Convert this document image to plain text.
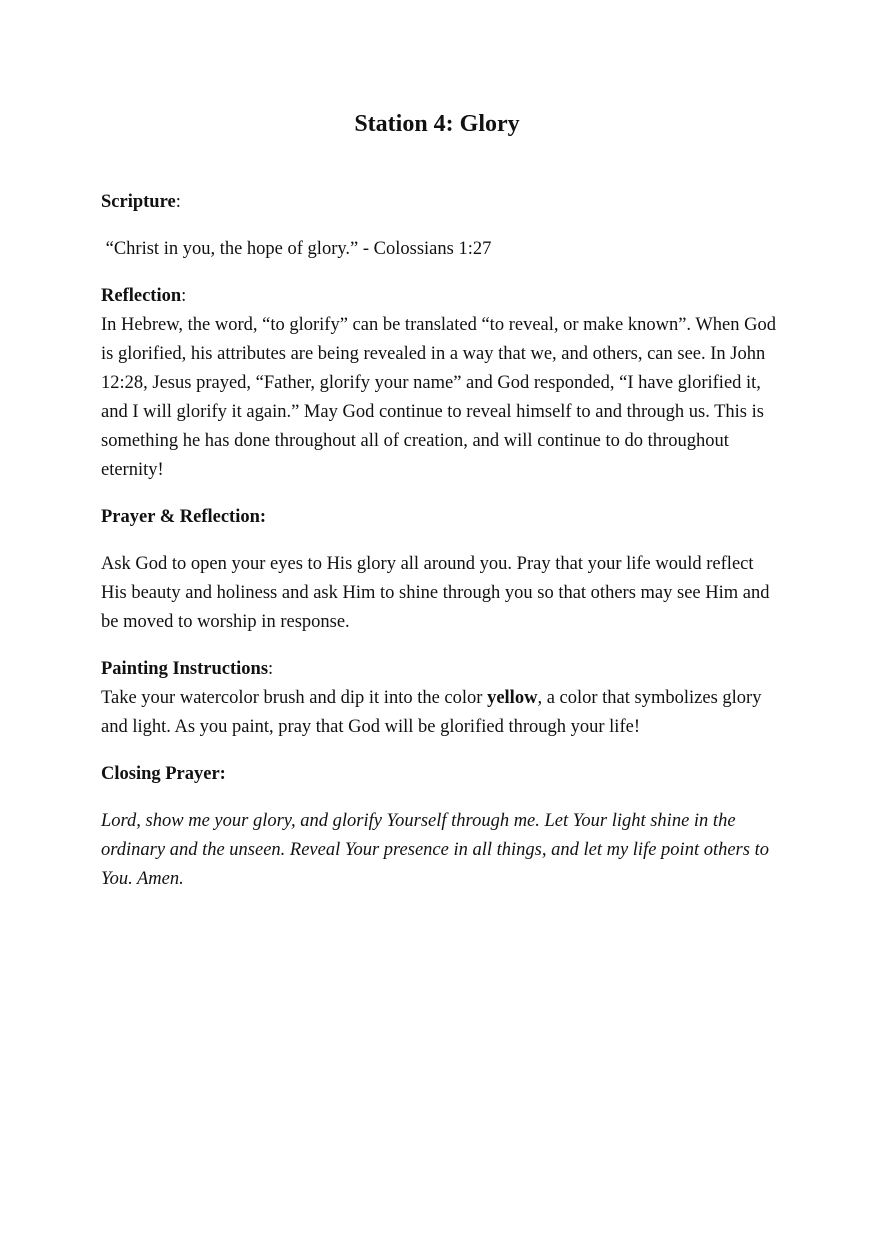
Station 4: Glory

Scripture:

“Christ in you, the hope of glory.” - Colossians 1:27

Reflection:

In Hebrew, the word, “to glorify” can be translated “to reveal, or make known”. When God is glorified, his attributes are being revealed in a way that we, and others, can see. In John 12:28, Jesus prayed, “Father, glorify your name” and God responded, “I have glorified it, and I will glorify it again.” May God continue to reveal himself to and through us. This is something he has done throughout all of creation, and will continue to do throughout eternity!

Prayer & Reflection:

Ask God to open your eyes to His glory all around you. Pray that your life would reflect His beauty and holiness and ask Him to shine through you so that others may see Him and be moved to worship in response.

Painting Instructions:

Take your watercolor brush and dip it into the color yellow, a color that symbolizes glory and light. As you paint, pray that God will be glorified through your life!

Closing Prayer:

Lord, show me your glory, and glorify Yourself through me. Let Your light shine in the ordinary and the unseen. Reveal Your presence in all things, and let my life point others to You. Amen.
